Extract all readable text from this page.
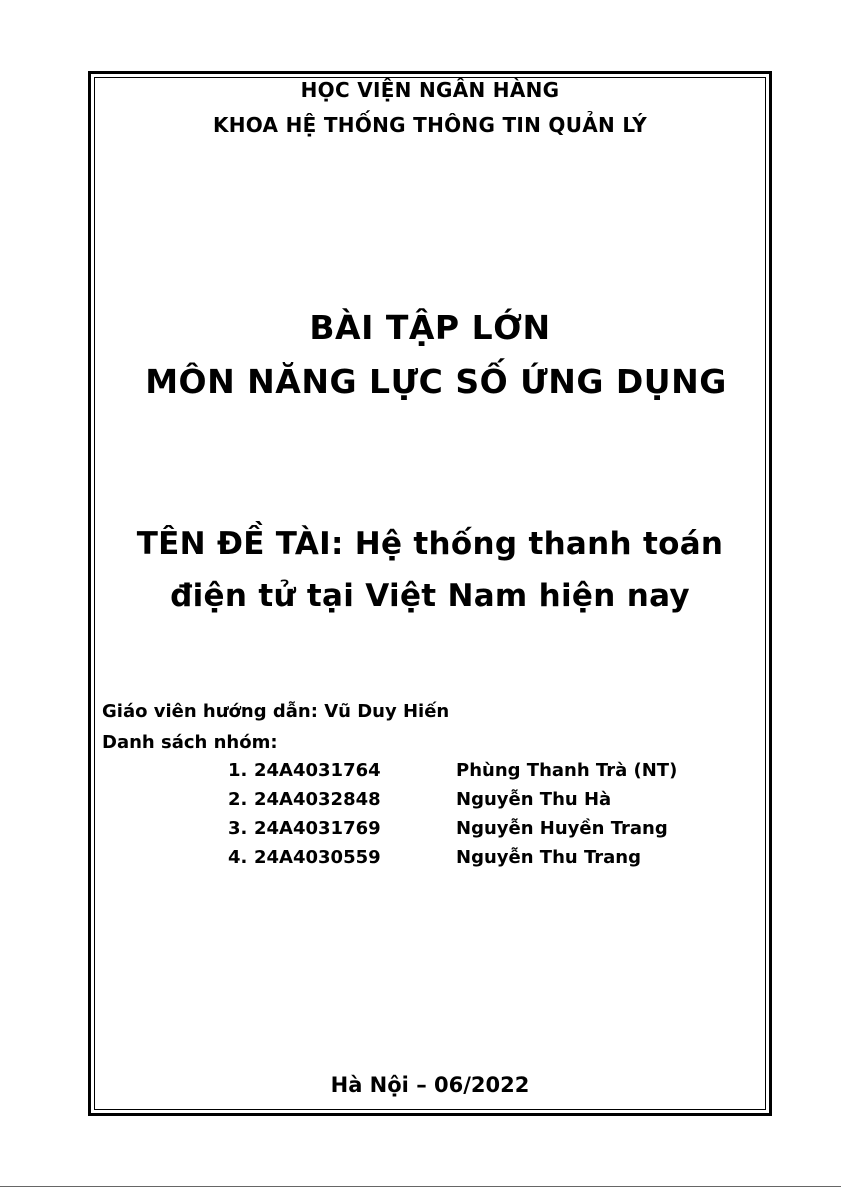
HỌC VIỆN NGÂN HÀNG
KHOA HỆ THỐNG THÔNG TIN QUẢN LÝ
BÀI TẬP LỚN
MÔN NĂNG LỰC SỐ ỨNG DỤNG
TÊN ĐỀ TÀI: Hệ thống thanh toán
điện tử tại Việt Nam hiện nay
Giáo viên hướng dẫn: Vũ Duy Hiến
Danh sách nhóm:
1. 24A4031764	Phùng Thanh Trà (NT)
2. 24A4032848	Nguyễn Thu Hà
3. 24A4031769	Nguyễn Huyền Trang
4. 24A4030559	Nguyễn Thu Trang
Hà Nội – 06/2022
